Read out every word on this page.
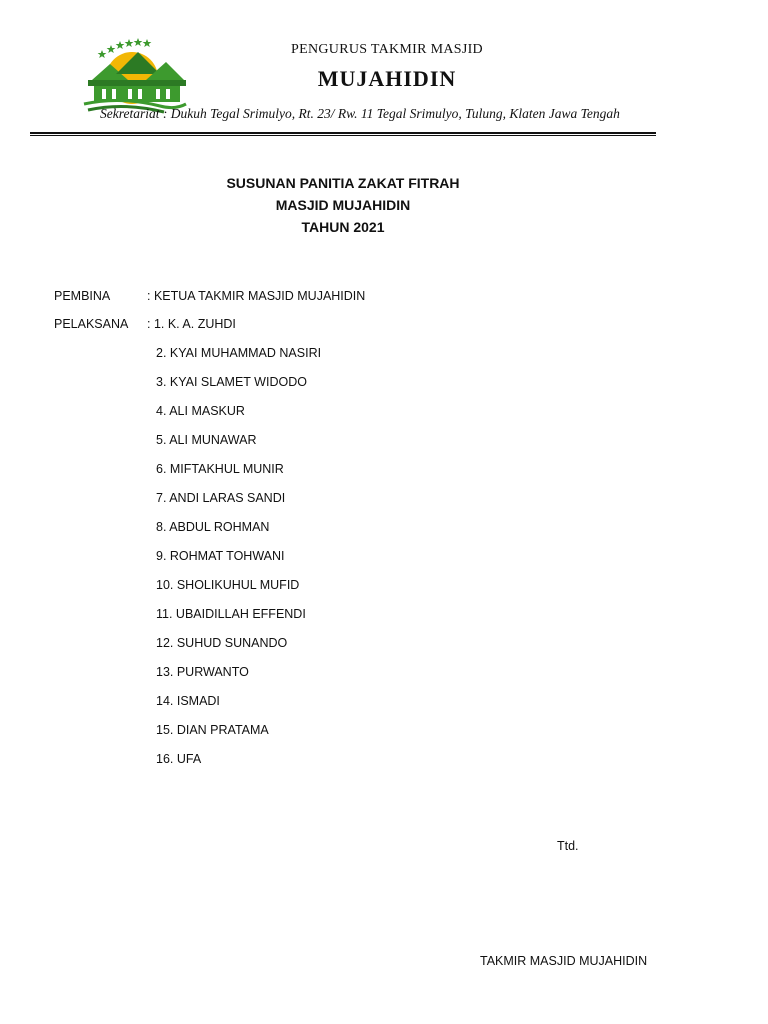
PENGURUS TAKMIR MASJID
MUJAHIDIN
Sekretariat : Dukuh Tegal Srimulyo, Rt. 23/ Rw. 11 Tegal Srimulyo, Tulung, Klaten Jawa Tengah
SUSUNAN PANITIA ZAKAT FITRAH
MASJID MUJAHIDIN
TAHUN 2021
PEMBINA	: KETUA TAKMIR MASJID MUJAHIDIN
PELAKSANA : 1. K. A. ZUHDI
2. KYAI MUHAMMAD NASIRI
3. KYAI SLAMET WIDODO
4. ALI MASKUR
5. ALI MUNAWAR
6. MIFTAKHUL MUNIR
7. ANDI LARAS SANDI
8. ABDUL ROHMAN
9. ROHMAT TOHWANI
10. SHOLIKUHUL MUFID
11. UBAIDILLAH EFFENDI
12. SUHUD SUNANDO
13. PURWANTO
14. ISMADI
15. DIAN PRATAMA
16. UFA
Ttd.
TAKMIR MASJID MUJAHIDIN
